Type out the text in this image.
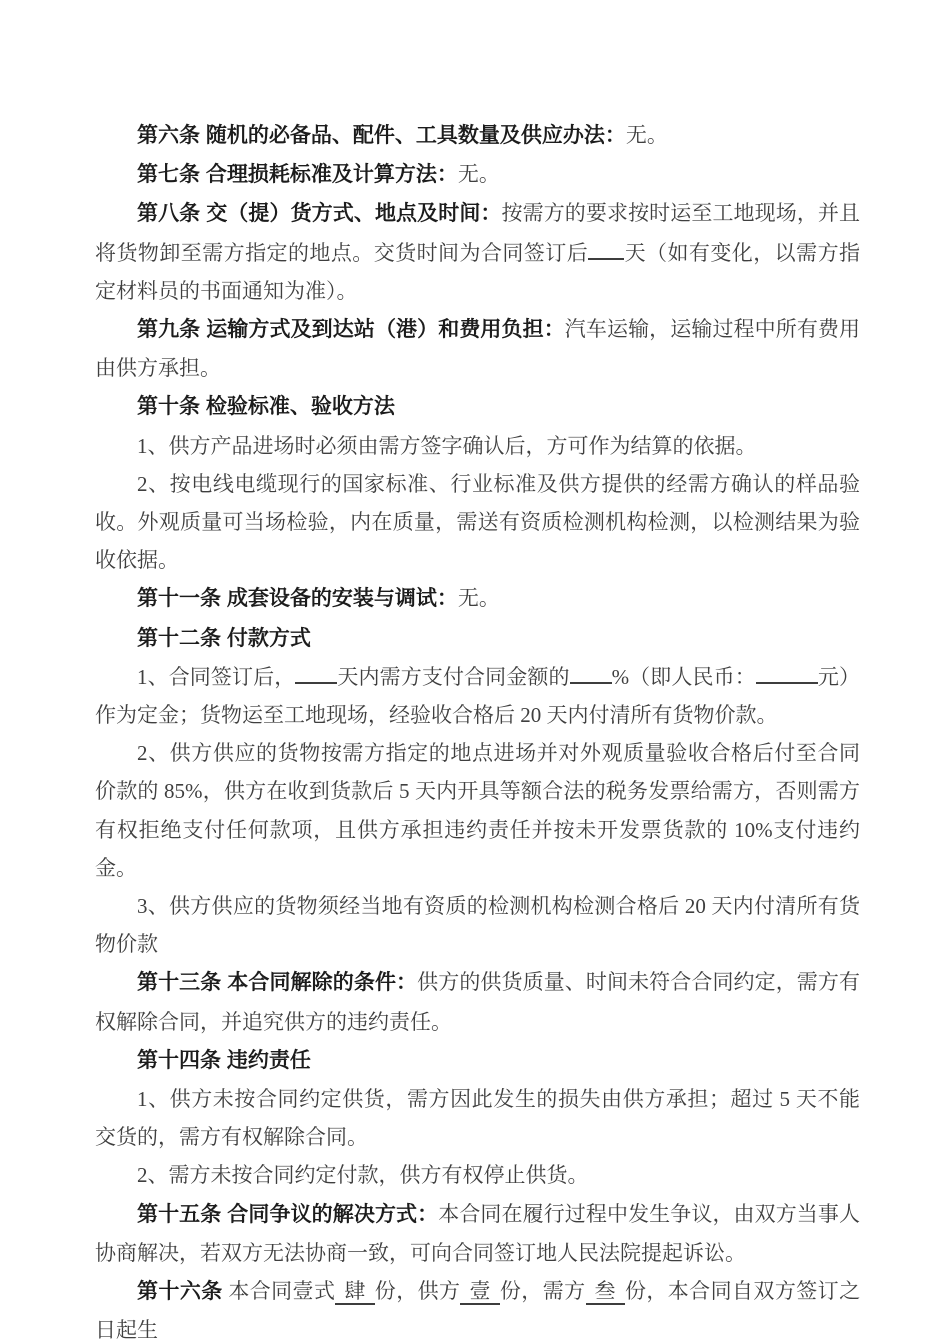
第六条 随机的必备品、配件、工具数量及供应办法：无。

第七条 合理损耗标准及计算方法：无。

第八条 交（提）货方式、地点及时间：按需方的要求按时运至工地现场，并且将货物卸至需方指定的地点。交货时间为合同签订后 天（如有变化，以需方指定材料员的书面通知为准）。

第九条 运输方式及到达站（港）和费用负担：汽车运输，运输过程中所有费用由供方承担。

第十条 检验标准、验收方法

1、供方产品进场时必须由需方签字确认后，方可作为结算的依据。

2、按电线电缆现行的国家标准、行业标准及供方提供的经需方确认的样品验收。外观质量可当场检验，内在质量，需送有资质检测机构检测，以检测结果为验收依据。

第十一条 成套设备的安装与调试：无。

第十二条 付款方式

1、合同签订后， 天内需方支付合同金额的 %（即人民币：	元）作为定金；货物运至工地现场，经验收合格后 20 天内付清所有货物价款。

2、供方供应的货物按需方指定的地点进场并对外观质量验收合格后付至合同价款的 85%，供方在收到货款后 5 天内开具等额合法的税务发票给需方，否则需方有权拒绝支付任何款项，且供方承担违约责任并按未开发票货款的 10%支付违约金。

3、供方供应的货物须经当地有资质的检测机构检测合格后 20 天内付清所有货物价款

第十三条 本合同解除的条件：供方的供货质量、时间未符合合同约定，需方有权解除合同，并追究供方的违约责任。

第十四条 违约责任

1、供方未按合同约定供货，需方因此发生的损失由供方承担；超过 5 天不能交货的，需方有权解除合同。

2、需方未按合同约定付款，供方有权停止供货。

第十五条 合同争议的解决方式：本合同在履行过程中发生争议，由双方当事人协商解决，若双方无法协商一致，可向合同签订地人民法院提起诉讼。

第十六条 本合同壹式 肆 份，供方 壹 份，需方 叁 份，本合同自双方签订之日起生
